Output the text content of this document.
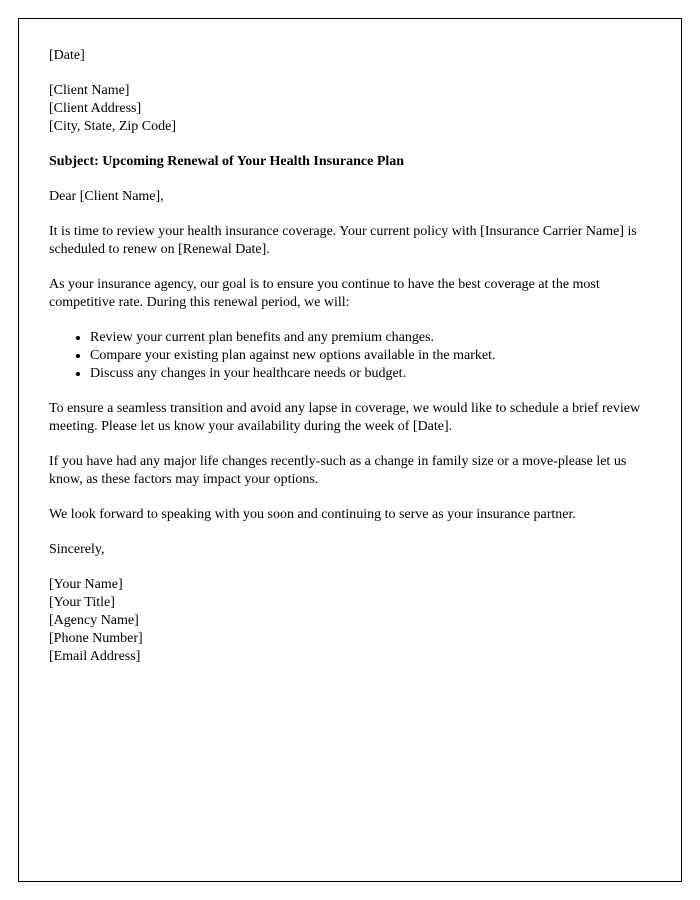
[Date]

[Client Name]

[Client Address]

[City, State, Zip Code]

Subject: Upcoming Renewal of Your Health Insurance Plan

Dear [Client Name],

It is time to review your health insurance coverage. Your current policy with [Insurance Carrier Name] is scheduled to renew on [Renewal Date].

As your insurance agency, our goal is to ensure you continue to have the best coverage at the most competitive rate. During this renewal period, we will:

• Review your current plan benefits and any premium changes.
• Compare your existing plan against new options available in the market.
• Discuss any changes in your healthcare needs or budget.

To ensure a seamless transition and avoid any lapse in coverage, we would like to schedule a brief review meeting. Please let us know your availability during the week of [Date].

If you have had any major life changes recently-such as a change in family size or a move-please let us know, as these factors may impact your options.

We look forward to speaking with you soon and continuing to serve as your insurance partner.

Sincerely,

[Your Name]

[Your Title]

[Agency Name]

[Phone Number]

[Email Address]
